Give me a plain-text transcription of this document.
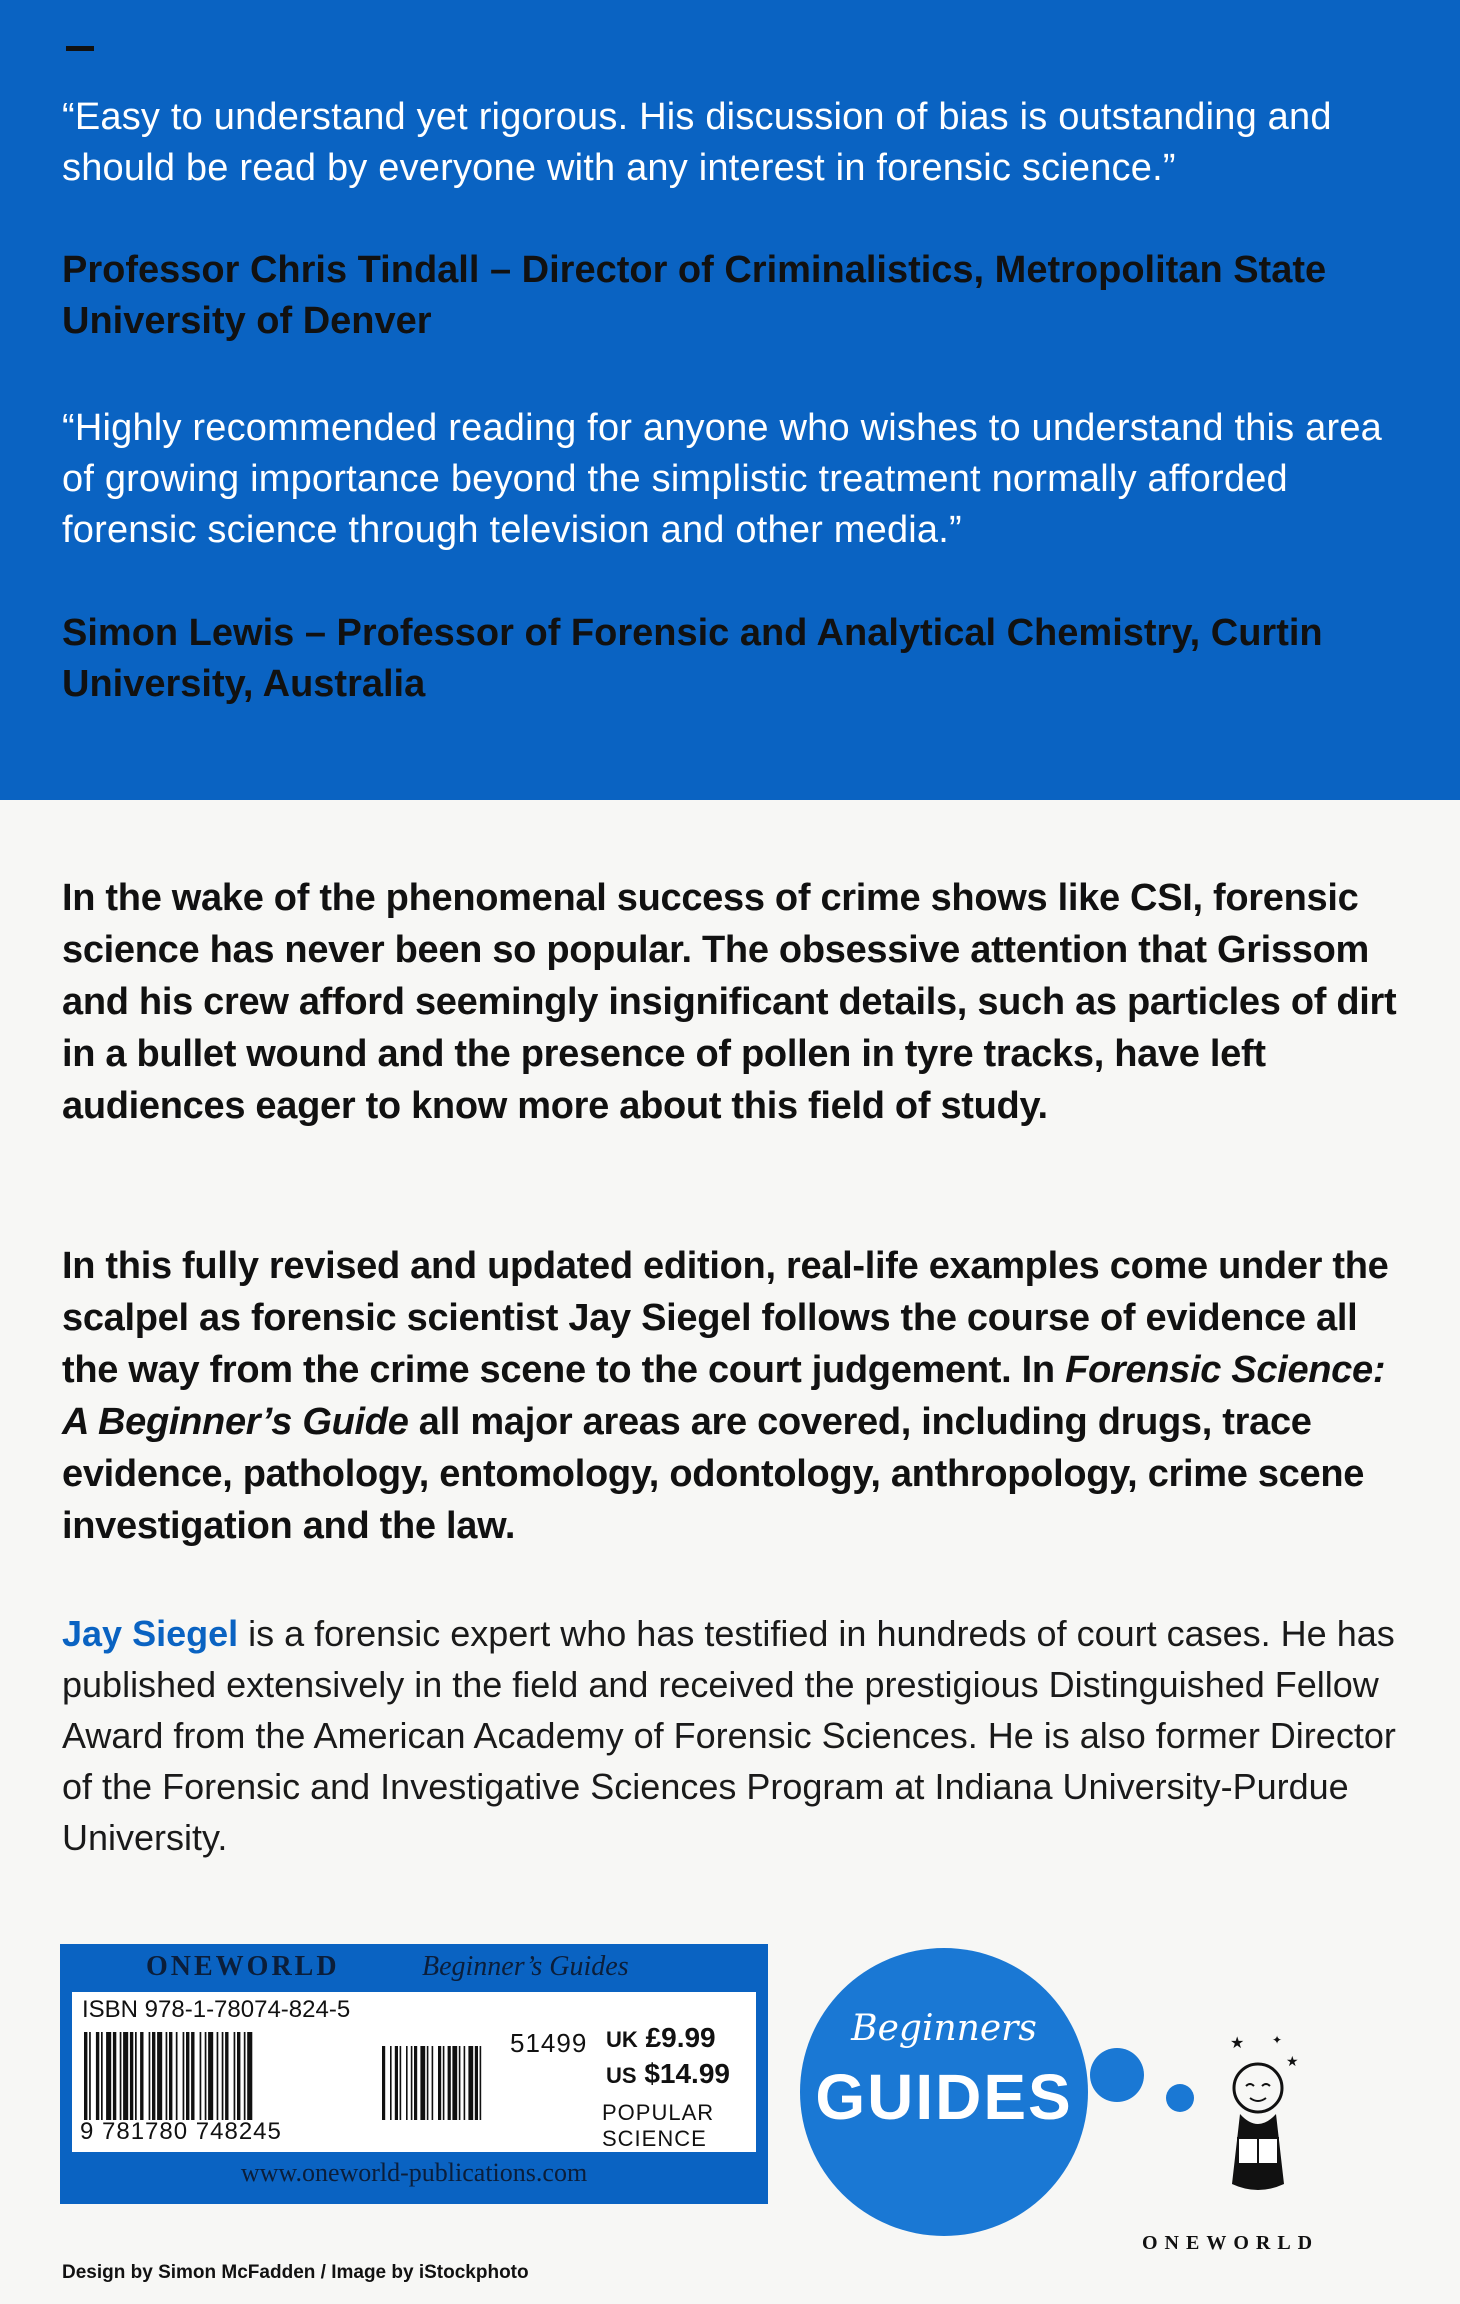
“Easy to understand yet rigorous. His discussion of bias is outstanding and should be read by everyone with any interest in forensic science.”
Professor Chris Tindall – Director of Criminalistics, Metropolitan State University of Denver
“Highly recommended reading for anyone who wishes to understand this area of growing importance beyond the simplistic treatment normally afforded forensic science through television and other media.”
Simon Lewis – Professor of Forensic and Analytical Chemistry, Curtin University, Australia
In the wake of the phenomenal success of crime shows like CSI, forensic science has never been so popular. The obsessive attention that Grissom and his crew afford seemingly insignificant details, such as particles of dirt in a bullet wound and the presence of pollen in tyre tracks, have left audiences eager to know more about this field of study.
In this fully revised and updated edition, real-life examples come under the scalpel as forensic scientist Jay Siegel follows the course of evidence all the way from the crime scene to the court judgement. In Forensic Science: A Beginner’s Guide all major areas are covered, including drugs, trace evidence, pathology, entomology, odontology, anthropology, crime scene investigation and the law.
Jay Siegel is a forensic expert who has testified in hundreds of court cases. He has published extensively in the field and received the prestigious Distinguished Fellow Award from the American Academy of Forensic Sciences. He is also former Director of the Forensic and Investigative Sciences Program at Indiana University-Purdue University.
ONEWORLD	Beginner’s Guides
ISBN 978-1-78074-824-5
9 781780 748245
51499 UK £9.99
US $14.99
POPULAR SCIENCE
www.oneworld-publications.com
Beginners
GUIDES
★ ✦
★
ONEWORLD
Design by Simon McFadden / Image by iStockphoto
